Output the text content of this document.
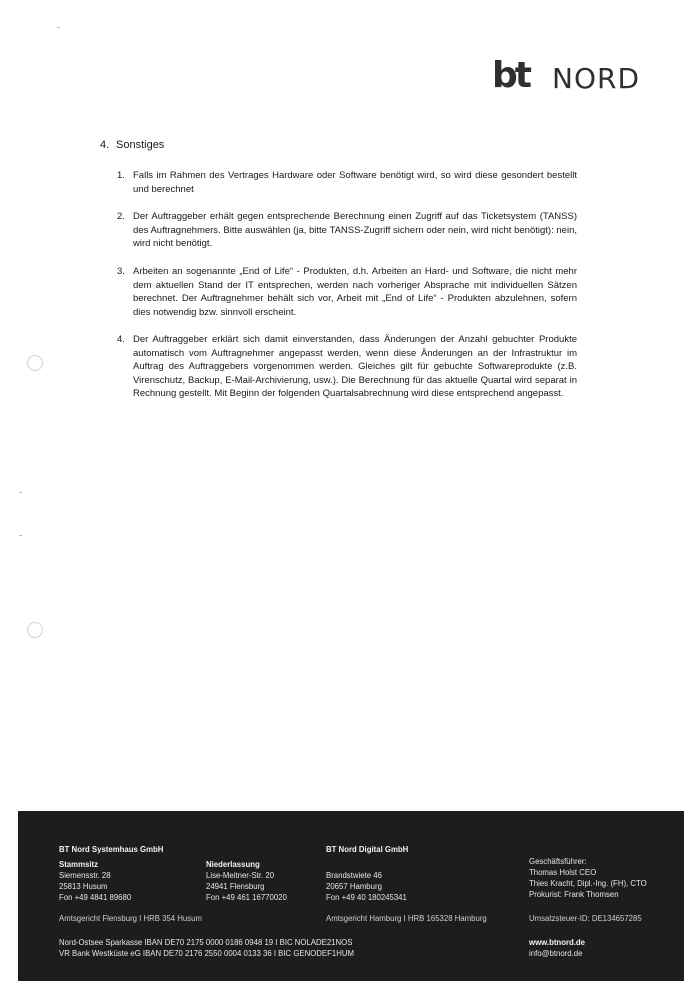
bt NORD
4. Sonstiges
1. Falls im Rahmen des Vertrages Hardware oder Software benötigt wird, so wird diese gesondert bestellt und berechnet
2. Der Auftraggeber erhält gegen entsprechende Berechnung einen Zugriff auf das Ticketsystem (TANSS) des Auftragnehmers. Bitte auswählen (ja, bitte TANSS-Zugriff sichern oder nein, wird nicht benötigt): nein, wird nicht benötigt.
3. Arbeiten an sogenannte „End of Life“ - Produkten, d.h. Arbeiten an Hard- und Software, die nicht mehr dem aktuellen Stand der IT entsprechen, werden nach vorheriger Absprache mit individuellen Sätzen berechnet. Der Auftragnehmer behält sich vor, Arbeit mit „End of Life“ - Produkten abzulehnen, sofern dies notwendig bzw. sinnvoll erscheint.
4. Der Auftraggeber erklärt sich damit einverstanden, dass Änderungen der Anzahl gebuchter Produkte automatisch vom Auftragnehmer angepasst werden, wenn diese Änderungen an der Infrastruktur im Auftrag des Auftraggebers vorgenommen werden. Gleiches gilt für gebuchte Softwareprodukte (z.B. Virenschutz, Backup, E-Mail-Archivierung, usw.). Die Berechnung für das aktuelle Quartal wird separat in Rechnung gestellt. Mit Beginn der folgenden Quartalsabrechnung wird diese entsprechend angepasst.
BT Nord Systemhaus GmbH
Stammsitz
Siemensstr. 28
25813 Husum
Fon +49 4841 89680
Niederlassung
Lise-Meitner-Str. 20
24941 Flensburg
Fon +49 461 16770020
Amtsgericht Flensburg I HRB 354 Husum
BT Nord Digital GmbH
Brandstwiete 46
20657 Hamburg
Fon +49 40 180245341
Amtsgericht Hamburg I HRB 165328 Hamburg
Geschäftsführer:
Thomas Holst CEO
Thies Kracht, Dipl.-Ing. (FH), CTO
Prokurist: Frank Thomsen
Umsatzsteuer-ID: DE134657285
Nord-Ostsee Sparkasse IBAN DE70 2175 0000 0186 0948 19 I BIC NOLADE21NOS
VR Bank Westküste eG IBAN DE70 2176 2550 0004 0133 36 I BIC GENODEF1HUM
www.btnord.de
info@btnord.de
